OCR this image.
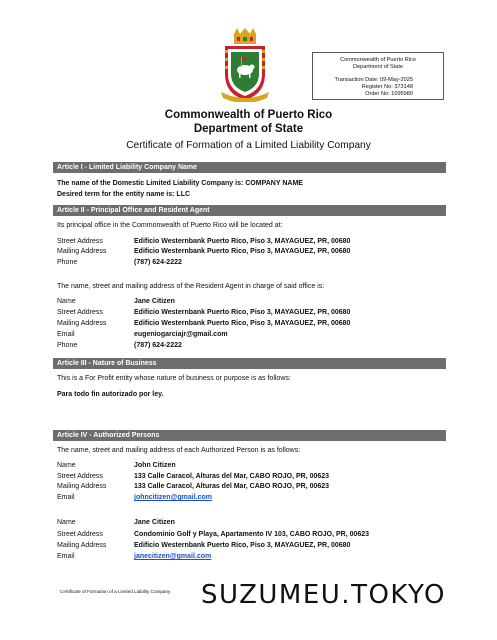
Commonwealth of Puerto Rico
Department of State
Transaction Date: 09-May-2025
Register No: 373148
Order No: 1095980
Commonwealth of Puerto Rico
Department of State
Certificate of Formation of a Limited Liability Company
Article I - Limited Liability Company Name
The name of the Domestic Limited Liability Company is: COMPANY NAME
Desired term for the entity name is: LLC
Article II - Principal Office and Resident Agent
Its principal office in the Commonwealth of Puerto Rico will be located at:
Street Address	Edificio Westernbank Puerto Rico, Piso 3, MAYAGUEZ, PR, 00680
Mailing Address	Edificio Westernbank Puerto Rico, Piso 3, MAYAGUEZ, PR, 00680
Phone	(787) 624-2222
The name, street and mailing address of the Resident Agent in charge of said office is:
Name	Jane Citizen
Street Address	Edificio Westernbank Puerto Rico, Piso 3, MAYAGUEZ, PR, 00680
Mailing Address	Edificio Westernbank Puerto Rico, Piso 3, MAYAGUEZ, PR, 00680
Email	eugeniogarciajr@gmail.com
Phone	(787) 624-2222
Article III - Nature of Business
This is a For Profit entity whose nature of business or purpose is as follows:
Para todo fin autorizado por ley.
Article IV - Authorized Persons
The name, street and mailing address of each Authorized Person is as follows:
Name	John Citizen
Street Address	133 Calle Caracol, Alturas del Mar, CABO ROJO, PR, 00623
Mailing Address	133 Calle Caracol, Alturas del Mar, CABO ROJO, PR, 00623
Email	johncitizen@gmail.com
Name	Jane Citizen
Street Address	Condominio Golf y Playa, Apartamento IV 103, CABO ROJO, PR, 00623
Mailing Address	Edificio Westernbank Puerto Rico, Piso 3, MAYAGUEZ, PR, 00680
Email	janecitizen@gmail.com
Certificate of Formation of a Limited Liability Company SUZUMEU.TOKYO
